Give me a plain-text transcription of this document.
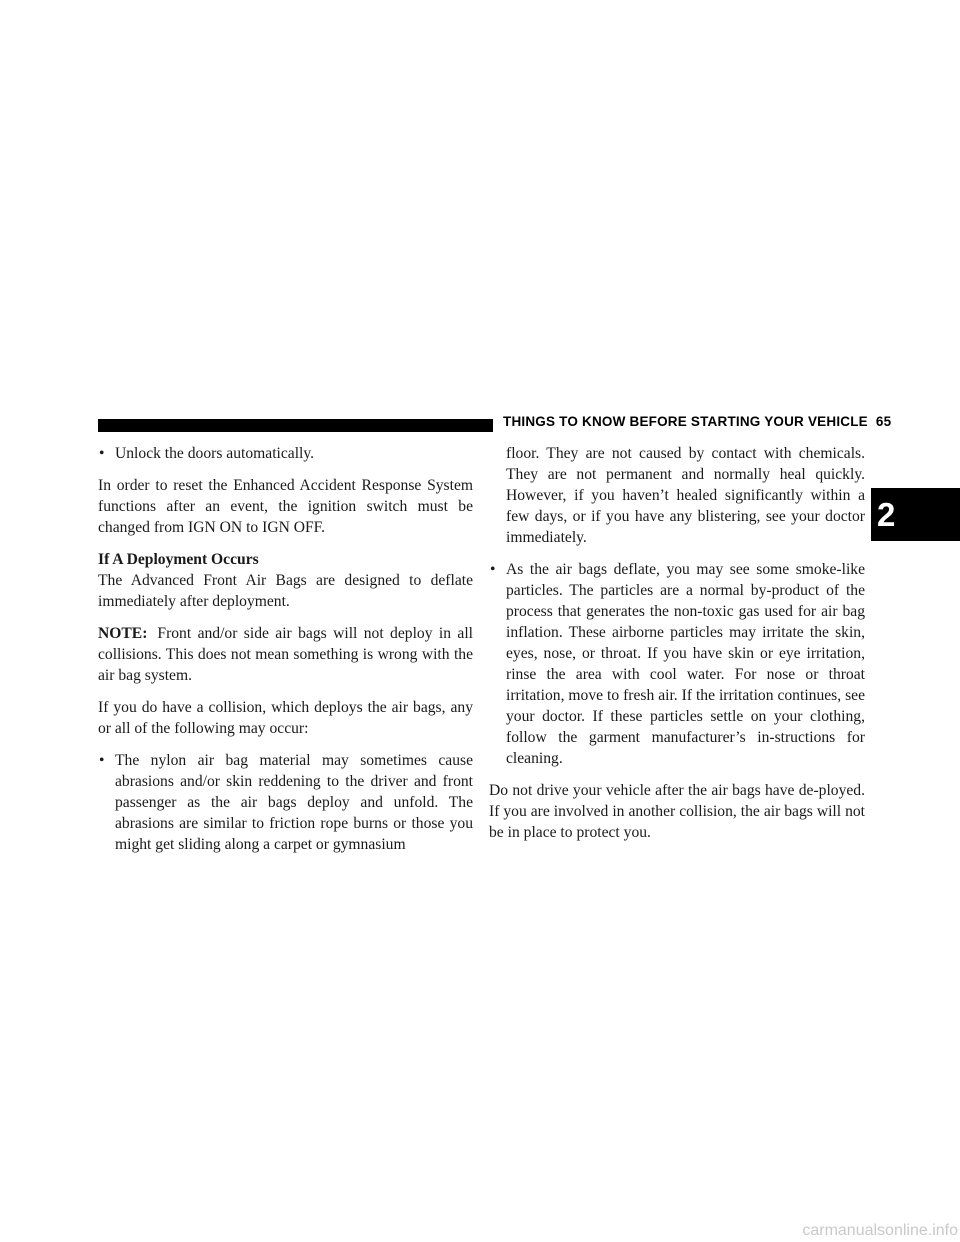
THINGS TO KNOW BEFORE STARTING YOUR VEHICLE 65
2
• Unlock the doors automatically.

In order to reset the Enhanced Accident Response System functions after an event, the ignition switch must be changed from IGN ON to IGN OFF.

If A Deployment Occurs

The Advanced Front Air Bags are designed to deflate immediately after deployment.

NOTE: Front and/or side air bags will not deploy in all collisions. This does not mean something is wrong with the air bag system.

If you do have a collision, which deploys the air bags, any or all of the following may occur:

• The nylon air bag material may sometimes cause abrasions and/or skin reddening to the driver and front passenger as the air bags deploy and unfold. The abrasions are similar to friction rope burns or those you might get sliding along a carpet or gymnasium

floor. They are not caused by contact with chemicals. They are not permanent and normally heal quickly. However, if you haven’t healed significantly within a few days, or if you have any blistering, see your doctor immediately.

• As the air bags deflate, you may see some smoke-like particles. The particles are a normal by-product of the process that generates the non-toxic gas used for air bag inflation. These airborne particles may irritate the skin, eyes, nose, or throat. If you have skin or eye irritation, rinse the area with cool water. For nose or throat irritation, move to fresh air. If the irritation continues, see your doctor. If these particles settle on your clothing, follow the garment manufacturer’s in-structions for cleaning.

Do not drive your vehicle after the air bags have de-ployed. If you are involved in another collision, the air bags will not be in place to protect you.

carmanualsonline.info
